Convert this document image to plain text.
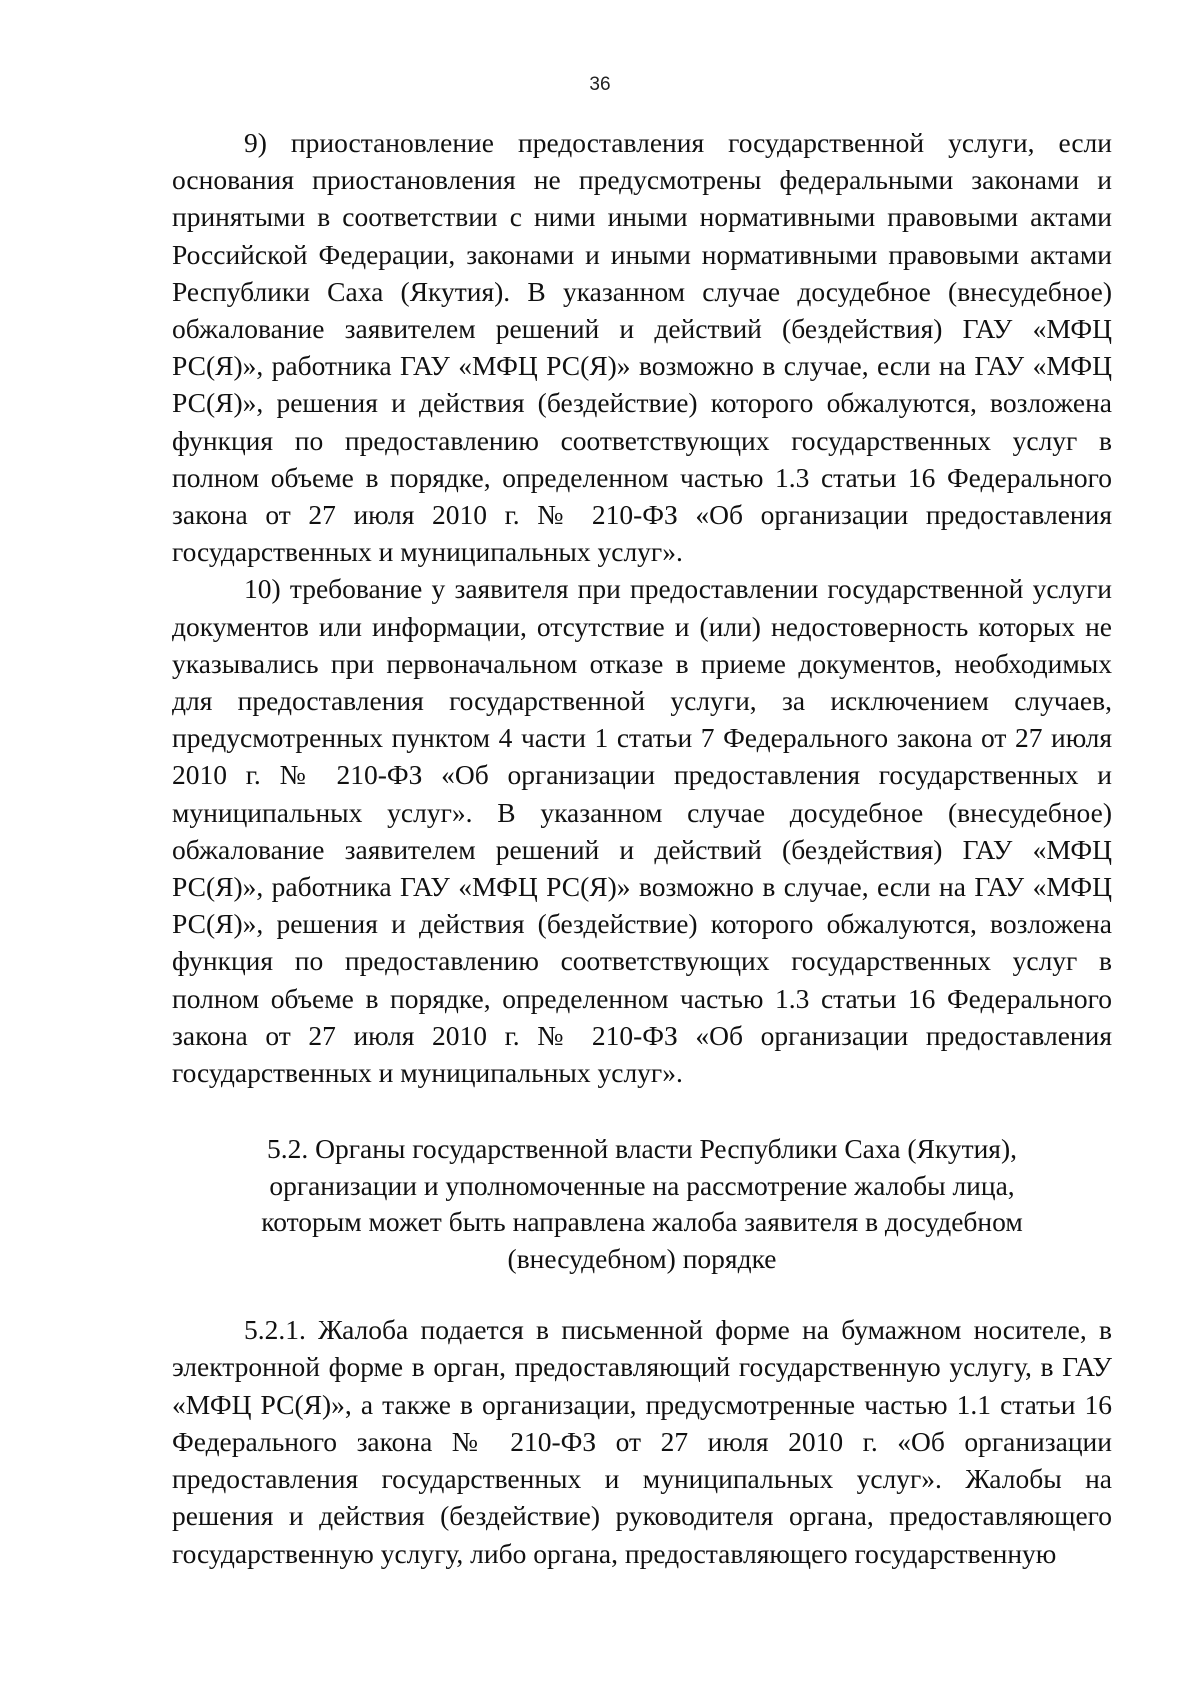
36

9) приостановление предоставления государственной услуги, если основания приостановления не предусмотрены федеральными законами и принятыми в соответствии с ними иными нормативными правовыми актами Российской Федерации, законами и иными нормативными правовыми актами Республики Саха (Якутия). В указанном случае досудебное (внесудебное) обжалование заявителем решений и действий (бездействия) ГАУ «МФЦ РС(Я)», работника ГАУ «МФЦ РС(Я)» возможно в случае, если на ГАУ «МФЦ РС(Я)», решения и действия (бездействие) которого обжалуются, возложена функция по предоставлению соответствующих государственных услуг в полном объеме в порядке, определенном частью 1.3 статьи 16 Федерального закона от 27 июля 2010 г. № 210-ФЗ «Об организации предоставления государственных и муниципальных услуг».

10) требование у заявителя при предоставлении государственной услуги документов или информации, отсутствие и (или) недостоверность которых не указывались при первоначальном отказе в приеме документов, необходимых для предоставления государственной услуги, за исключением случаев, предусмотренных пунктом 4 части 1 статьи 7 Федерального закона от 27 июля 2010 г. № 210-ФЗ «Об организации предоставления государственных и муниципальных услуг». В указанном случае досудебное (внесудебное) обжалование заявителем решений и действий (бездействия) ГАУ «МФЦ РС(Я)», работника ГАУ «МФЦ РС(Я)» возможно в случае, если на ГАУ «МФЦ РС(Я)», решения и действия (бездействие) которого обжалуются, возложена функция по предоставлению соответствующих государственных услуг в полном объеме в порядке, определенном частью 1.3 статьи 16 Федерального закона от 27 июля 2010 г. № 210-ФЗ «Об организации предоставления государственных и муниципальных услуг».

5.2. Органы государственной власти Республики Саха (Якутия),
организации и уполномоченные на рассмотрение жалобы лица,
которым может быть направлена жалоба заявителя в досудебном
(внесудебном) порядке

5.2.1. Жалоба подается в письменной форме на бумажном носителе, в электронной форме в орган, предоставляющий государственную услугу, в ГАУ «МФЦ РС(Я)», а также в организации, предусмотренные частью 1.1 статьи 16 Федерального закона № 210-ФЗ от 27 июля 2010 г. «Об организации предоставления государственных и муниципальных услуг». Жалобы на решения и действия (бездействие) руководителя органа, предоставляющего государственную услугу, либо органа, предоставляющего государственную
